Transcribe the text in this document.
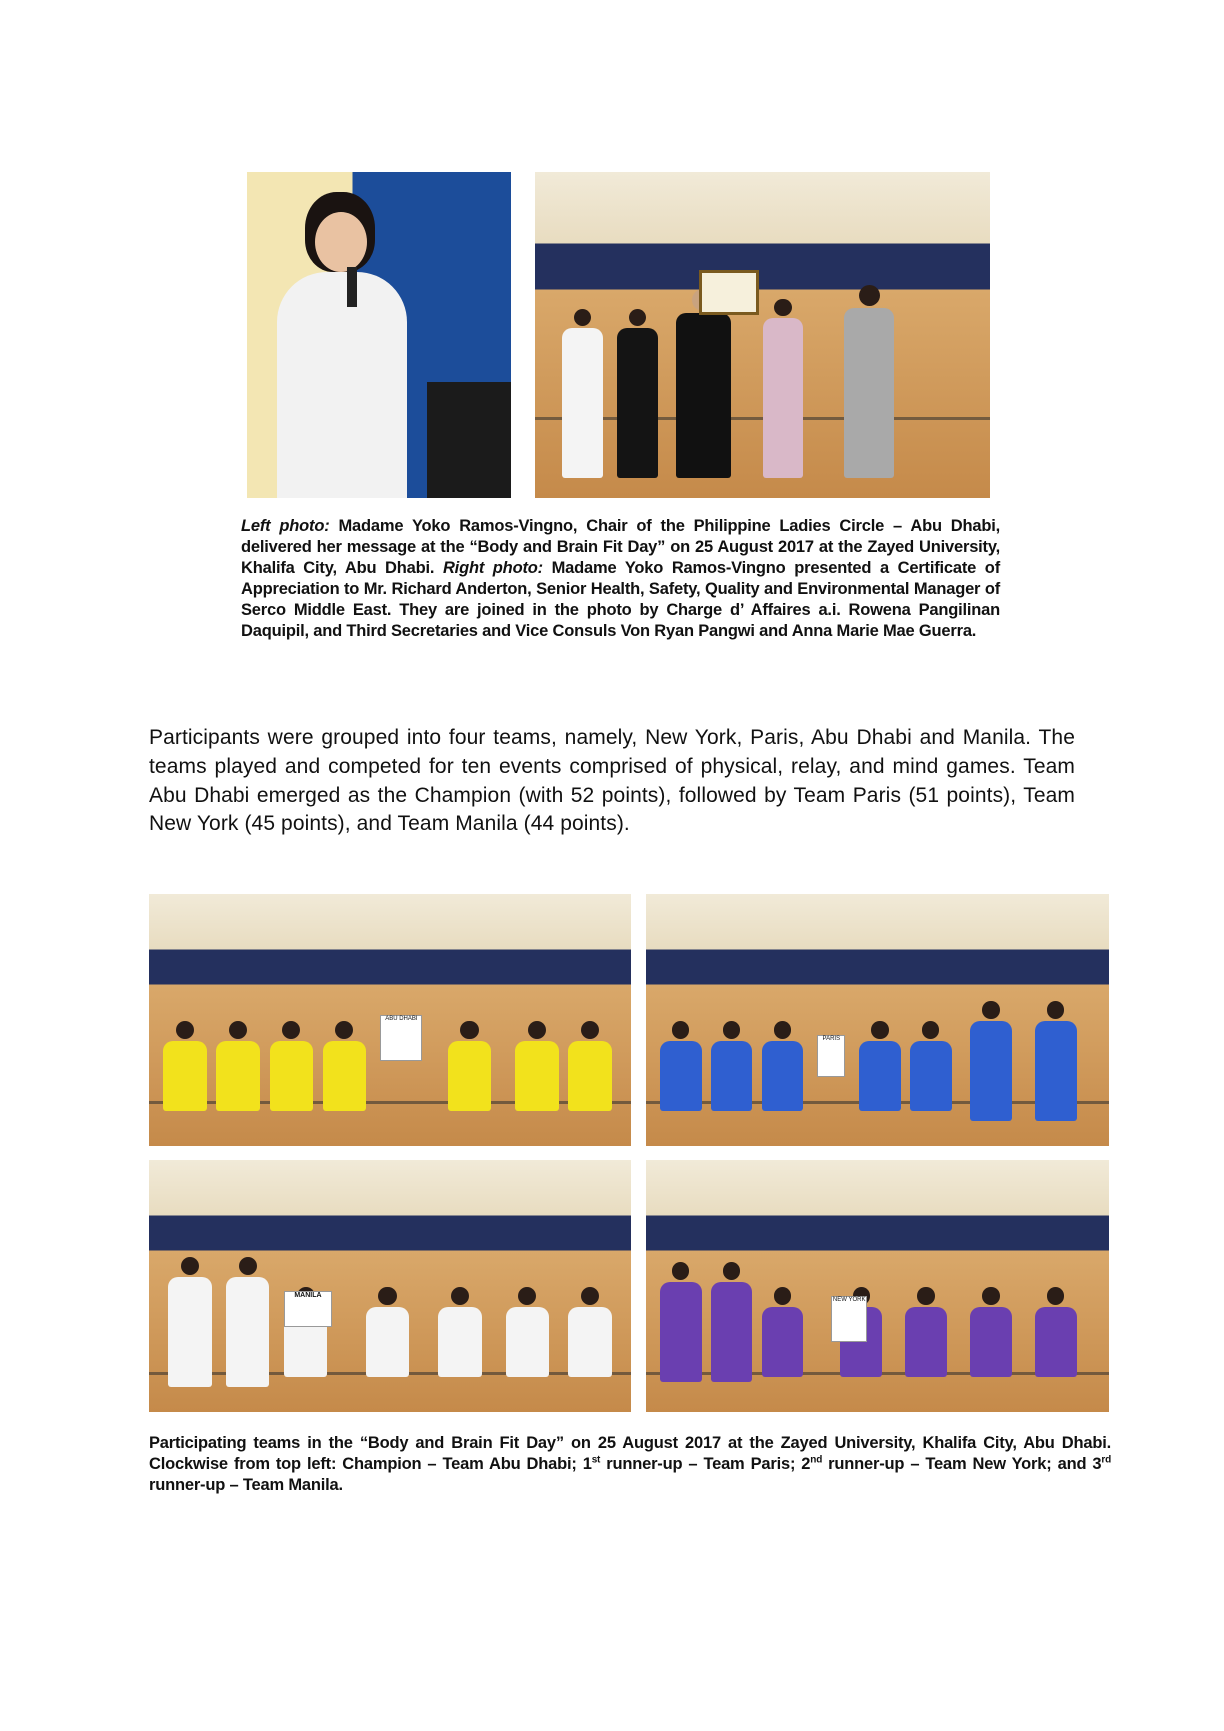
Left photo: Madame Yoko Ramos-Vingno, Chair of the Philippine Ladies Circle – Abu Dhabi, delivered her message at the “Body and Brain Fit Day” on 25 August 2017 at the Zayed University, Khalifa City, Abu Dhabi. Right photo: Madame Yoko Ramos-Vingno presented a Certificate of Appreciation to Mr. Richard Anderton, Senior Health, Safety, Quality and Environmental Manager of Serco Middle East. They are joined in the photo by Charge d’ Affaires a.i. Rowena Pangilinan Daquipil, and Third Secretaries and Vice Consuls Von Ryan Pangwi and Anna Marie Mae Guerra.
Participants were grouped into four teams, namely, New York, Paris, Abu Dhabi and Manila. The teams played and competed for ten events comprised of physical, relay, and mind games. Team Abu Dhabi emerged as the Champion (with 52 points), followed by Team Paris (51 points), Team New York (45 points), and Team Manila (44 points).
ABU DHABI
PARIS
MANILA
NEW YORK
Participating teams in the “Body and Brain Fit Day” on 25 August 2017 at the Zayed University, Khalifa City, Abu Dhabi. Clockwise from top left: Champion – Team Abu Dhabi; 1st runner-up – Team Paris; 2nd runner-up – Team New York; and 3rd runner-up – Team Manila.
